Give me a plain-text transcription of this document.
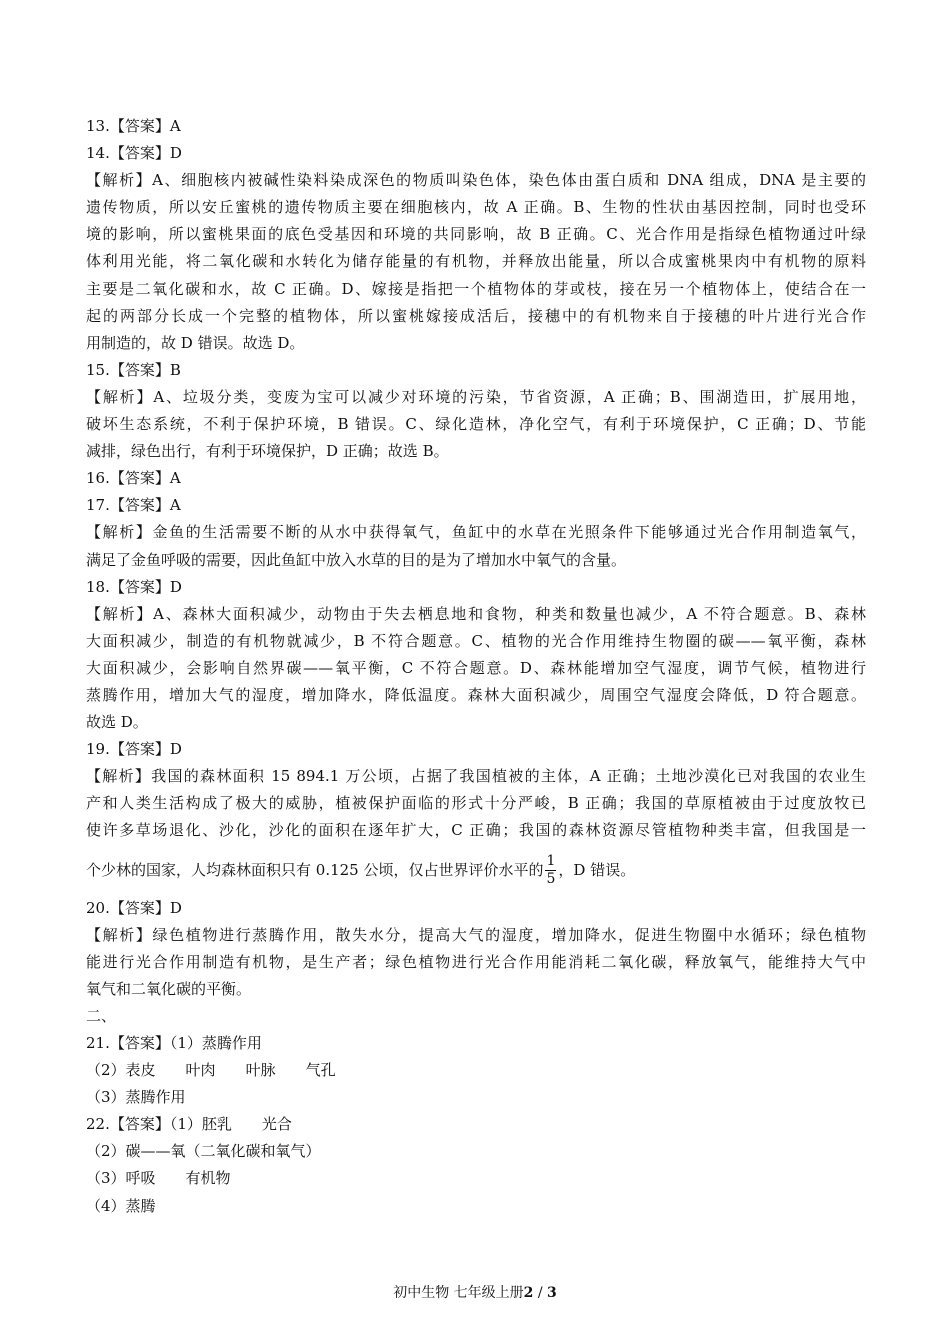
13.【答案】A
14.【答案】D
【解析】A、细胞核内被碱性染料染成深色的物质叫染色体，染色体由蛋白质和 DNA 组成，DNA 是主要的
遗传物质，所以安丘蜜桃的遗传物质主要在细胞核内，故 A 正确。B、生物的性状由基因控制，同时也受环
境的影响，所以蜜桃果面的底色受基因和环境的共同影响，故 B 正确。C、光合作用是指绿色植物通过叶绿
体利用光能，将二氧化碳和水转化为储存能量的有机物，并释放出能量，所以合成蜜桃果肉中有机物的原料
主要是二氧化碳和水，故 C 正确。D、嫁接是指把一个植物体的芽或枝，接在另一个植物体上，使结合在一
起的两部分长成一个完整的植物体，所以蜜桃嫁接成活后，接穗中的有机物来自于接穗的叶片进行光合作
用制造的，故 D 错误。故选 D。
15.【答案】B
【解析】A、垃圾分类，变废为宝可以减少对环境的污染，节省资源，A 正确；B、围湖造田，扩展用地，
破坏生态系统，不利于保护环境，B 错误。C、绿化造林，净化空气，有利于环境保护，C 正确；D、节能
减排，绿色出行，有利于环境保护，D 正确；故选 B。
16.【答案】A
17.【答案】A
【解析】金鱼的生活需要不断的从水中获得氧气，鱼缸中的水草在光照条件下能够通过光合作用制造氧气，
满足了金鱼呼吸的需要，因此鱼缸中放入水草的目的是为了增加水中氧气的含量。
18.【答案】D
【解析】A、森林大面积减少，动物由于失去栖息地和食物，种类和数量也减少，A 不符合题意。B、森林
大面积减少，制造的有机物就减少，B 不符合题意。C、植物的光合作用维持生物圈的碳——氧平衡，森林
大面积减少，会影响自然界碳——氧平衡，C 不符合题意。D、森林能增加空气湿度，调节气候，植物进行
蒸腾作用，增加大气的湿度，增加降水，降低温度。森林大面积减少，周围空气湿度会降低，D 符合题意。
故选 D。
19.【答案】D
【解析】我国的森林面积 15 894.1 万公顷，占据了我国植被的主体，A 正确；土地沙漠化已对我国的农业生
产和人类生活构成了极大的威胁，植被保护面临的形式十分严峻，B 正确；我国的草原植被由于过度放牧已
使许多草场退化、沙化，沙化的面积在逐年扩大，C 正确；我国的森林资源尽管植物种类丰富，但我国是一
个少林的国家，人均森林面积只有 0.125 公顷，仅占世界评价水平的 $\frac{1}{5}$ ，D 错误。
20.【答案】D
【解析】绿色植物进行蒸腾作用，散失水分，提高大气的湿度，增加降水，促进生物圈中水循环；绿色植物
能进行光合作用制造有机物，是生产者；绿色植物进行光合作用能消耗二氧化碳，释放氧气，能维持大气中
氧气和二氧化碳的平衡。
二、
21.【答案】（1）蒸腾作用
（2）表皮 叶肉 叶脉 气孔
（3）蒸腾作用
22.【答案】（1）胚乳 光合
（2）碳——氧（二氧化碳和氧气）
（3）呼吸 有机物
（4）蒸腾
初中生物 七年级上册2 / 3
